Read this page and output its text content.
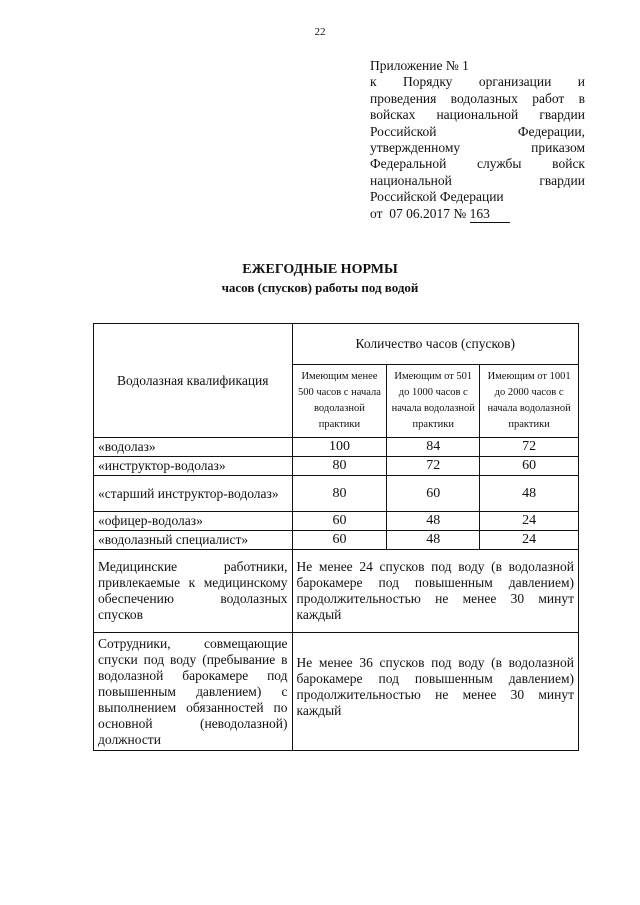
22
Приложение № 1
к Порядку организации и
проведения водолазных работ в
войсках национальной гвардии
Российской Федерации,
утвержденному приказом
Федеральной службы войск
национальной гвардии
Российской Федерации
от 07 06.2017 № 163
ЕЖЕГОДНЫЕ НОРМЫ
часов (спусков) работы под водой
Водолазная квалификация	Количество часов (спусков)		
	Имеющим менее 500 часов с начала водолазной практики	Имеющим от 501 до 1000 часов с начала водолазной практики	Имеющим от 1001 до 2000 часов с начала водолазной практики
«водолаз»	100	84	72
«инструктор-водолаз»	80	72	60
«старший инструктор-водолаз»	80	60	48
«офицер-водолаз»	60	48	24
«водолазный специалист»	60	48	24
Медицинские работники, привлекаемые к медицинскому обеспечению водолазных спусков	Не менее 24 спусков под воду (в водолазной барокамере под повышенным давлением) продолжительностью не менее 30 минут каждый		
Сотрудники, совмещающие спуски под воду (пребывание в водолазной барокамере под повышенным давлением) с выполнением обязанностей по основной (неводолазной) должности	Не менее 36 спусков под воду (в водолазной барокамере под повышенным давлением) продолжительностью не менее 30 минут каждый		
